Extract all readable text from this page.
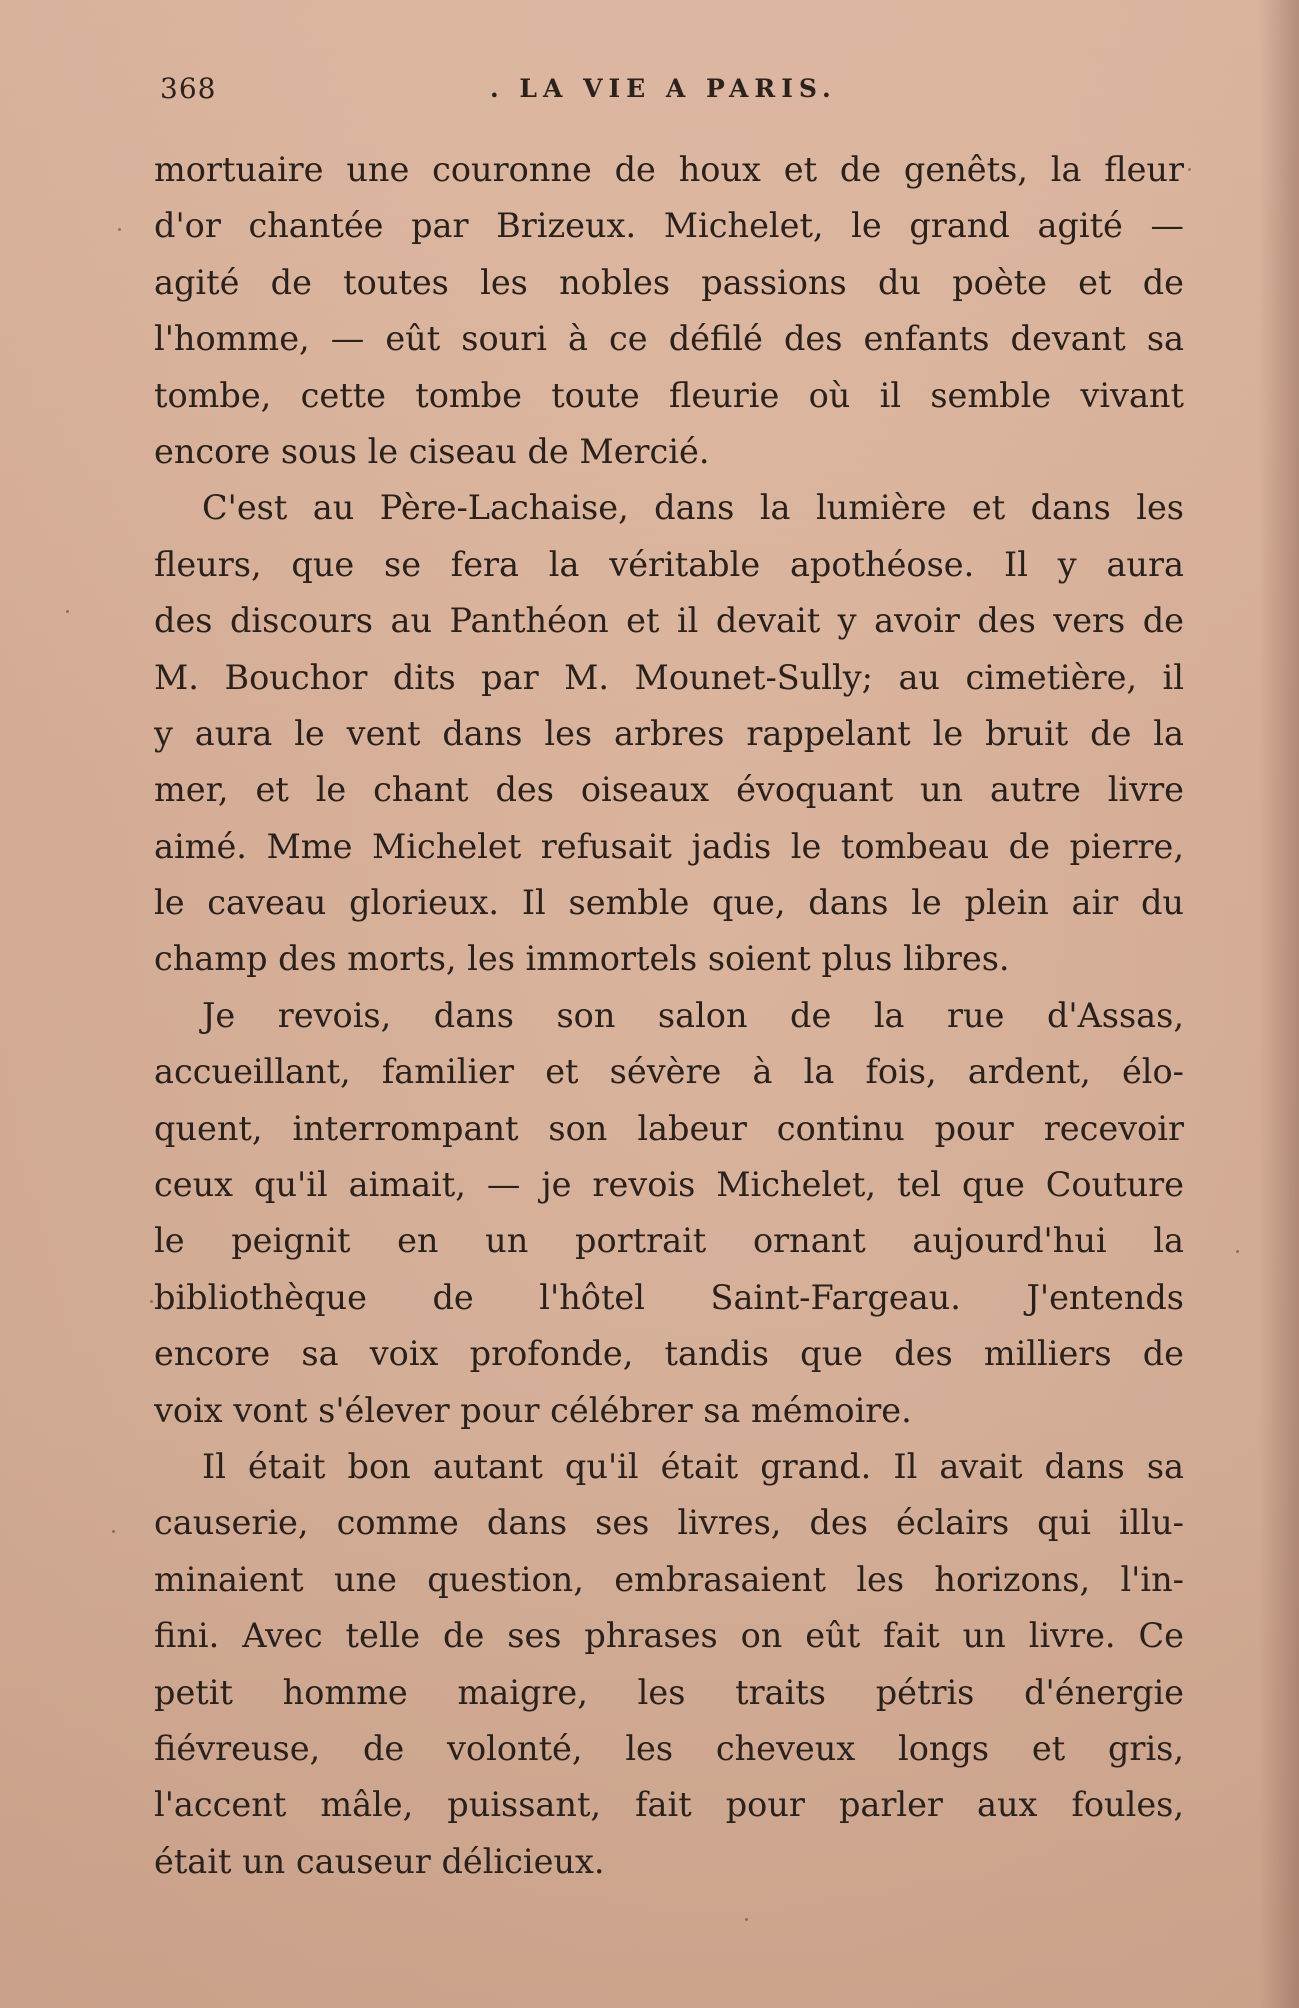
368	. LA VIE A PARIS.
mortuaire une couronne de houx et de genêts, la fleur
d'or chantée par Brizeux. Michelet, le grand agité —
agité de toutes les nobles passions du poète et de
l'homme, — eût souri à ce défilé des enfants devant sa
tombe, cette tombe toute fleurie où il semble vivant
encore sous le ciseau de Mercié.
C'est au Père-Lachaise, dans la lumière et dans les
fleurs, que se fera la véritable apothéose. Il y aura
des discours au Panthéon et il devait y avoir des vers de
M. Bouchor dits par M. Mounet-Sully; au cimetière, il
y aura le vent dans les arbres rappelant le bruit de la
mer, et le chant des oiseaux évoquant un autre livre
aimé. Mme Michelet refusait jadis le tombeau de pierre,
le caveau glorieux. Il semble que, dans le plein air du
champ des morts, les immortels soient plus libres.
Je revois, dans son salon de la rue d'Assas,
accueillant, familier et sévère à la fois, ardent, élo-
quent, interrompant son labeur continu pour recevoir
ceux qu'il aimait, — je revois Michelet, tel que Couture
le peignit en un portrait ornant aujourd'hui la
bibliothèque de l'hôtel Saint-Fargeau. J'entends
encore sa voix profonde, tandis que des milliers de
voix vont s'élever pour célébrer sa mémoire.
Il était bon autant qu'il était grand. Il avait dans sa
causerie, comme dans ses livres, des éclairs qui illu-
minaient une question, embrasaient les horizons, l'in-
fini. Avec telle de ses phrases on eût fait un livre. Ce
petit homme maigre, les traits pétris d'énergie
fiévreuse, de volonté, les cheveux longs et gris,
l'accent mâle, puissant, fait pour parler aux foules,
était un causeur délicieux.
